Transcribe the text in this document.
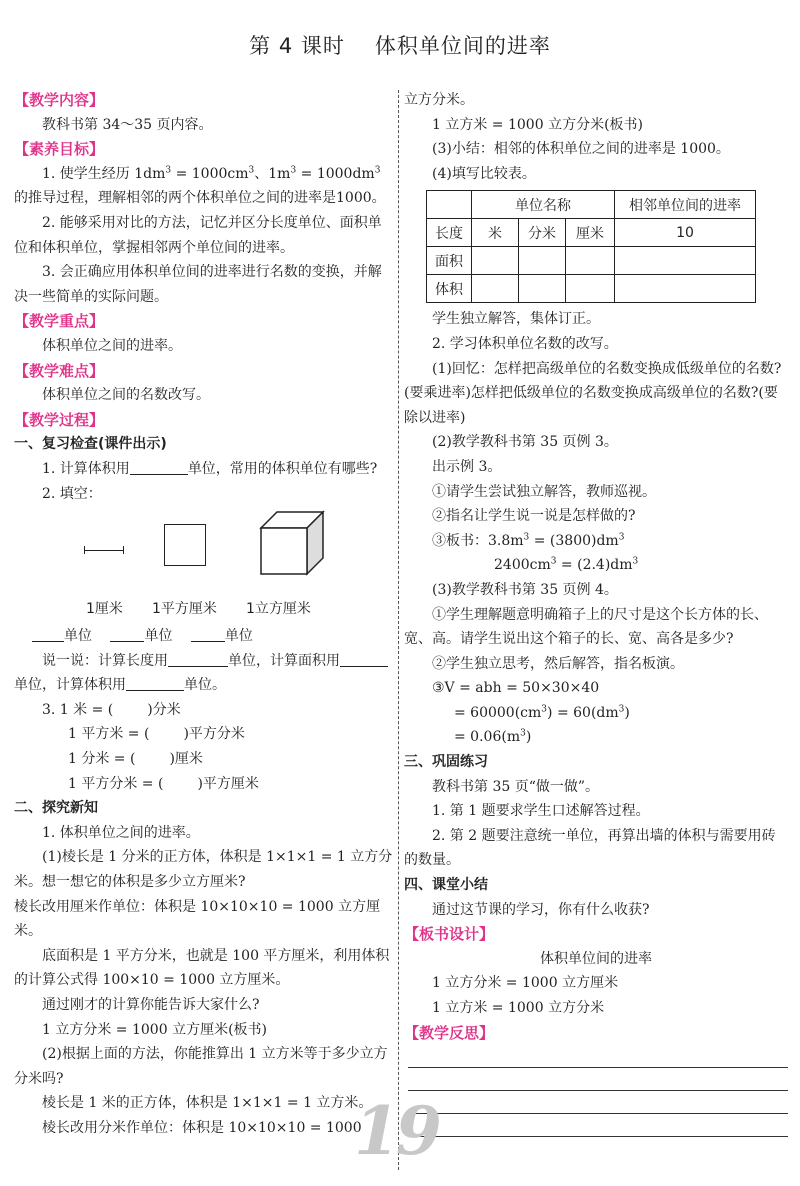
第 4 课时 体积单位间的进率

【教学内容】

教科书第 34～35 页内容。

【素养目标】

1. 使学生经历 $1dm^3 = 1000cm^3$、$1m^3 = 1000dm^3$的推导过程，理解相邻的两个体积单位之间的进率是1000。

2. 能够采用对比的方法，记忆并区分长度单位、面积单位和体积单位，掌握相邻两个单位间的进率。

3. 会正确应用体积单位间的进率进行名数的变换，并解决一些简单的实际问题。

【教学重点】

体积单位之间的进率。

【教学难点】

体积单位之间的名数改写。

【教学过程】

一、复习检查(课件出示)

1. 计算体积用	单位，常用的体积单位有哪些?

2. 填空：

1厘米 1平方厘米 1立方厘米

单位	单位	单位

说一说：计算长度用	单位，计算面积用单位，计算体积用	单位。

3. 1 米 = ( )分米

1 平方米 = ( )平方分米

1 分米 = ( )厘米

1 平方分米 = ( )平方厘米

二、探究新知

1. 体积单位之间的进率。

(1)棱长是 1 分米的正方体，体积是 1×1×1 = 1 立方分米。想一想它的体积是多少立方厘米?

棱长改用厘米作单位：体积是 10×10×10 = 1000 立方厘米。

底面积是 1 平方分米，也就是 100 平方厘米，利用体积的计算公式得 100×10 = 1000 立方厘米。

通过刚才的计算你能告诉大家什么?

1 立方分米 = 1000 立方厘米(板书)

(2)根据上面的方法，你能推算出 1 立方米等于多少立方分米吗?

棱长是 1 米的正方体，体积是 1×1×1 = 1 立方米。

棱长改用分米作单位：体积是 10×10×10 = 1000

立方分米。

1 立方米 = 1000 立方分米(板书)

(3)小结：相邻的体积单位之间的进率是 1000。

(4)填写比较表。

	单位名称			相邻单位间的进率
长度	米	分米	厘米	10
面积				
体积				

学生独立解答，集体订正。

2. 学习体积单位名数的改写。

(1)回忆：怎样把高级单位的名数变换成低级单位的名数?(要乘进率)怎样把低级单位的名数变换成高级单位的名数?(要除以进率)

(2)教学教科书第 35 页例 3。

出示例 3。

①请学生尝试独立解答，教师巡视。

②指名让学生说一说是怎样做的?

③板书：$3.8m^3 = (3800)dm^3$

$2400cm^3 = (2.4)dm^3$

(3)教学教科书第 35 页例 4。

①学生理解题意明确箱子上的尺寸是这个长方体的长、宽、高。请学生说出这个箱子的长、宽、高各是多少?

②学生独立思考，然后解答，指名板演。

③V = abh = 50×30×40

= $60000(cm^3) = 60(dm^3)$

= $0.06(m^3)$

三、巩固练习

教科书第 35 页“做一做”。

1. 第 1 题要求学生口述解答过程。

2. 第 2 题要注意统一单位，再算出墙的体积与需要用砖的数量。

四、课堂小结

通过这节课的学习，你有什么收获?

【板书设计】

体积单位间的进率

1 立方分米 = 1000 立方厘米

1 立方米 = 1000 立方分米

【教学反思】

19
